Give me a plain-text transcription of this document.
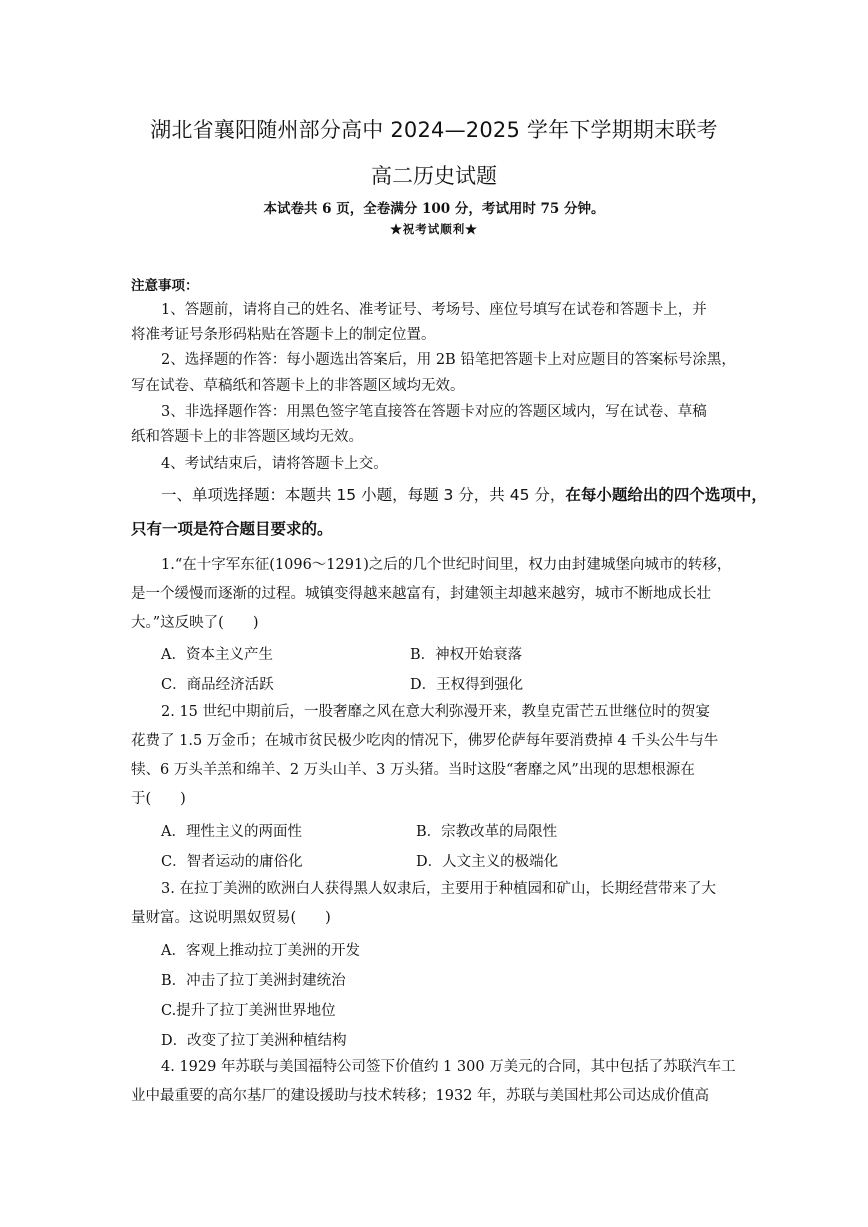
湖北省襄阳随州部分高中 2024—2025 学年下学期期末联考
高二历史试题
本试卷共 6 页，全卷满分 100 分，考试用时 75 分钟。
★祝考试顺利★
注意事项：
1、答题前，请将自己的姓名、准考证号、考场号、座位号填写在试卷和答题卡上，并
将准考证号条形码粘贴在答题卡上的制定位置。
2、选择题的作答：每小题选出答案后，用 2B 铅笔把答题卡上对应题目的答案标号涂黑，
写在试卷、草稿纸和答题卡上的非答题区域均无效。
3、非选择题作答：用黑色签字笔直接答在答题卡对应的答题区域内，写在试卷、草稿
纸和答题卡上的非答题区域均无效。
4、考试结束后，请将答题卡上交。
一、单项选择题：本题共 15 小题，每题 3 分，共 45 分，在每小题给出的四个选项中，
只有一项是符合题目要求的。
1.“在十字军东征(1096～1291)之后的几个世纪时间里，权力由封建城堡向城市的转移，
是一个缓慢而逐渐的过程。城镇变得越来越富有，封建领主却越来越穷，城市不断地成长壮
大。”这反映了(　　)
A．资本主义产生	B．神权开始衰落
C．商品经济活跃	D．王权得到强化
2. 15 世纪中期前后，一股奢靡之风在意大利弥漫开来，教皇克雷芒五世继位时的贺宴
花费了 1.5 万金币；在城市贫民极少吃肉的情况下，佛罗伦萨每年要消费掉 4 千头公牛与牛
犊、6 万头羊羔和绵羊、2 万头山羊、3 万头猪。当时这股“奢靡之风”出现的思想根源在
于(　　)
A．理性主义的两面性	B．宗教改革的局限性
C．智者运动的庸俗化	D．人文主义的极端化
3. 在拉丁美洲的欧洲白人获得黑人奴隶后，主要用于种植园和矿山，长期经营带来了大
量财富。这说明黑奴贸易(　　)
A．客观上推动拉丁美洲的开发
B．冲击了拉丁美洲封建统治
C.提升了拉丁美洲世界地位
D．改变了拉丁美洲种植结构
4. 1929 年苏联与美国福特公司签下价值约 1 300 万美元的合同，其中包括了苏联汽车工
业中最重要的高尔基厂的建设援助与技术转移；1932 年，苏联与美国杜邦公司达成价值高
